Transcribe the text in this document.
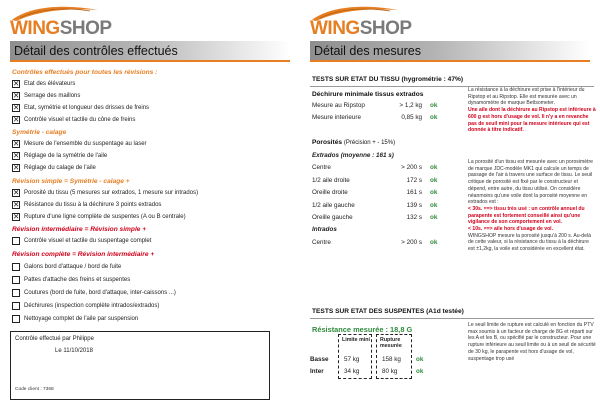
WINGSHOP
Détail des contrôles effectués
Contrôles effectués pour toutes les révisions :
Symétrie - calage
Révision simple = Symétrie - calage +
Révision intermédiaire = Révision simple +
Révision complète = Révision intermédiaire +
✕ Etat des élévateurs
✕ Serrage des maillons
✕ Etat, symétrie et longueur des drisses de freins
✕ Contrôle visuel et tactile du cône de freins
✕ Mesure de l'ensemble du suspentage au laser
✕ Réglage de la symétrie de l'aile
✕ Réglage du calage de l'aile
✕ Porosité du tissu (5 mesures sur extrados, 1 mesure sur intrados)
✕ Résistance du tissu à la déchirure 3 points extrados
✕ Rupture d'une ligne complète de suspentes (A ou B centrale)
Contrôle visuel et tactile du suspentage complet
Galons bord d'attaque / bord de fuite
Pattes d'attache des freins et suspentes
Coutures (bord de fuite, bord d'attaque, inter-caissons ...)
Déchirures (inspection complète intrados/extrados)
Nettoyage complet de l'aile par suspension
Contrôle effectué par Philippe
Le 11/10/2018
Code client : 7368
WINGSHOP
Détail des mesures
TESTS SUR ETAT DU TISSU (hygrométrie : 47%)
Déchirure minimale tissus extrados
Mesure au Ripstop	> 1,2 kg ok
Mesure interieure	0,85 kg ok
Porosités (Précision + - 15%)
Extrados (moyenne : 161 s)
Centre	> 200 s ok
1/2 aile droite	172 s ok
Oreille droite	161 s ok
1/2 aile gauche	139 s ok
Oreille gauche	132 s ok
Intrados
Centre	> 200 s ok
La résistance à la déchirure est prise à l'intérieur du Ripstop et au Ripstop. Elle est mesurée avec un dynamomètre de marque Bettsometer.
Une aile dont la déchirure au Ripstop est inférieure à 600 g est hors d'usage de vol. Il n'y a en revanche pas de seuil mini pour la mesure intérieure qui est donnée à titre indicatif.
La porosité d'un tissu est mesurée avec un porosimètre de marque JDC-modèle MK1 qui calcule un temps de passage de l'air à travers une surface de tissu. Le seuil critique de porosité est fixé par le constructeur et dépend, entre autre, du tissu utilisé. On considère néanmoins qu'une voile dont la porosité moyenne en extrados est :
< 30s. ==> tissu très usé : un contrôle annuel du parapente est fortement conseillé ainsi qu'une vigilance de son comportement en vol.
< 10s. ==> aile hors d'usage de vol.
WINGSHOP mesure la porosité jusqu'à 200 s. Au-delà de cette valeur, si la résistance du tissu à la déchirure est ±1,2kg, la voile est considérée en excellent état.
TESTS SUR ETAT DES SUSPENTES (A1d testée)
Résistance mesurée : 18,8 G
Limite mini Rupture mesurée
Basse 57 kg	158 kg ok
Inter	34 kg	80 kg	ok
Le seuil limite de rupture est calculé en fonction du PTV max soumis à un facteur de charge de 8G et réparti sur les A et les B, ou spécifié par le constructeur. Pour une rupture inférieure au seuil limite ou à un seuil de sécurité de 30 kg, le parapente est hors d'usage de vol, suspentage trop usé
